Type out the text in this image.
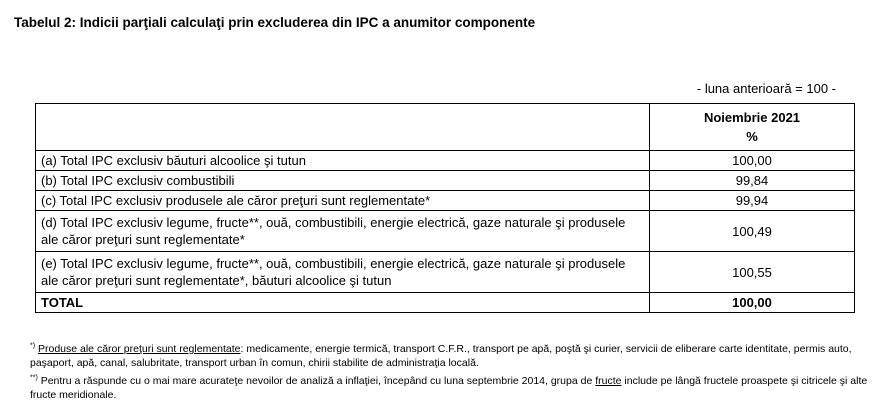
Tabelul 2: Indicii parţiali calculaţi prin excluderea din IPC a anumitor componente
- luna anterioară = 100 -

	Noiembrie 2021
%

(a) Total IPC exclusiv băuturi alcoolice şi tutun	100,00
(b) Total IPC exclusiv combustibili	99,84
(c) Total IPC exclusiv produsele ale căror preţuri sunt reglementate*	99,94
(d) Total IPC exclusiv legume, fructe**, ouă, combustibili, energie electrică, gaze naturale şi produsele ale căror preţuri sunt reglementate*	100,49
(e) Total IPC exclusiv legume, fructe**, ouă, combustibili, energie electrică, gaze naturale şi produsele ale căror preţuri sunt reglementate*, băuturi alcoolice şi tutun	100,55
TOTAL	100,00
*) Produse ale căror preţuri sunt reglementate: medicamente, energie termică, transport C.F.R., transport pe apă, poştă şi curier, servicii de eliberare carte identitate, permis auto, paşaport, apă, canal, salubritate, transport urban în comun, chirii stabilite de administraţia locală.
**) Pentru a răspunde cu o mai mare acurateţe nevoilor de analiză a inflaţiei, începând cu luna septembrie 2014, grupa de fructe include pe lângă fructele proaspete şi citricele şi alte fructe meridionale.
